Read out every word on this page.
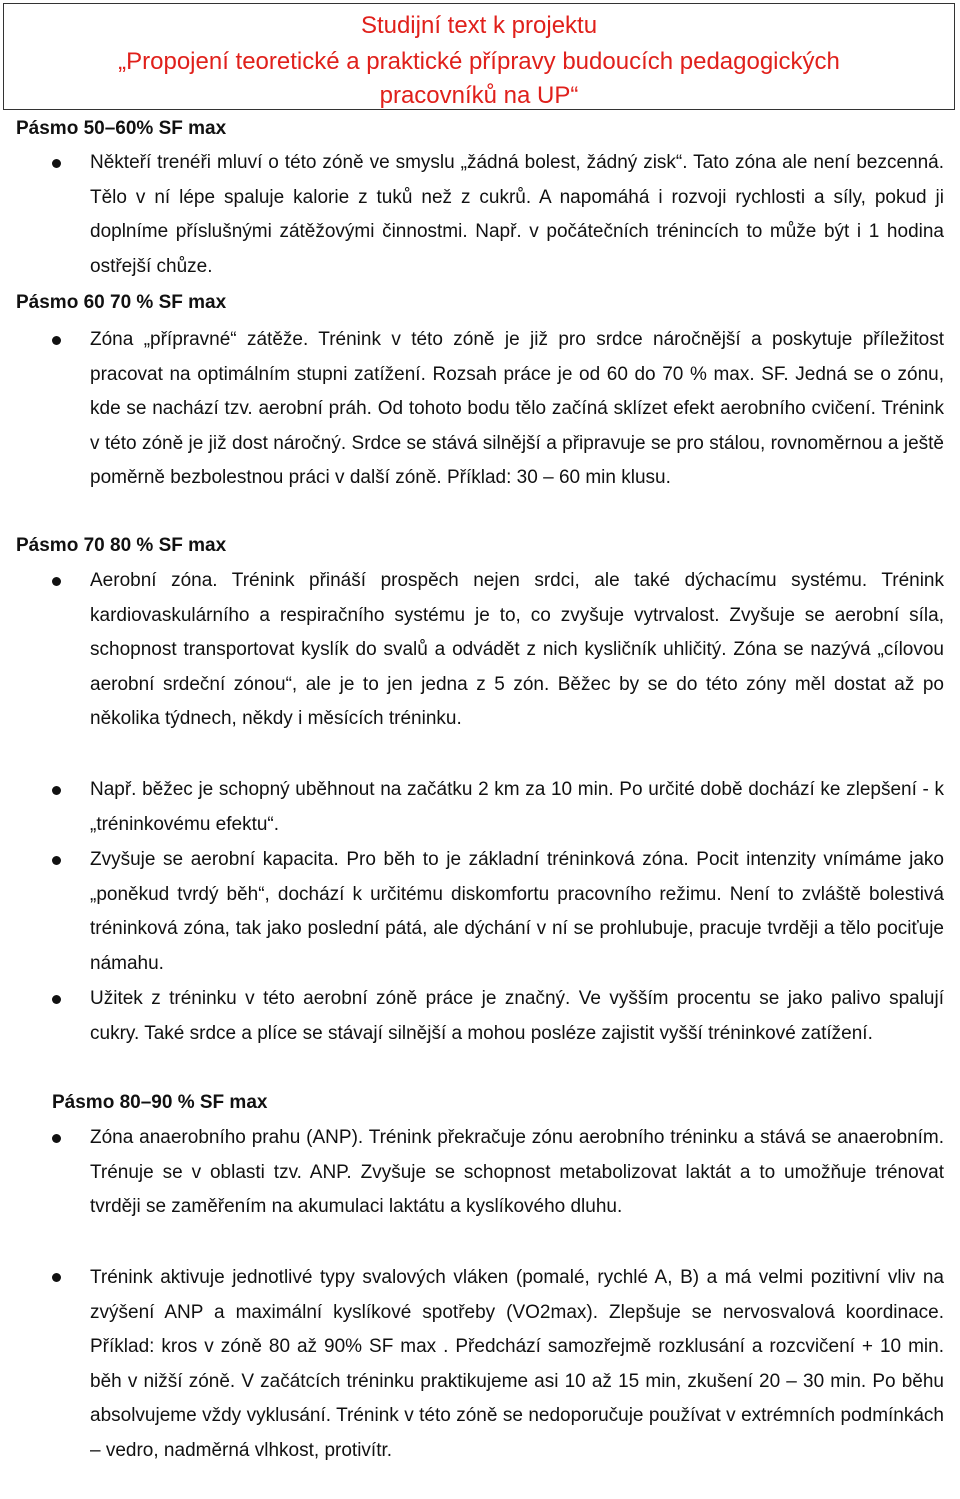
Studijní text k projektu
„Propojení teoretické a praktické přípravy budoucích pedagogických
pracovníků na UP“
Pásmo 50–60% SF max
Někteří trenéři mluví o této zóně ve smyslu „žádná bolest, žádný zisk“. Tato zóna ale není bezcenná. Tělo v ní lépe spaluje kalorie z tuků než z cukrů. A napomáhá i rozvoji rychlosti a síly, pokud ji doplníme příslušnými zátěžovými činnostmi. Např. v počátečních trénincích to může být i 1 hodina ostřejší chůze.
Pásmo 60 70 % SF max
Zóna „přípravné“ zátěže. Trénink v této zóně je již pro srdce náročnější a poskytuje příležitost pracovat na optimálním stupni zatížení. Rozsah práce je od 60 do 70 % max. SF. Jedná se o zónu, kde se nachází tzv. aerobní práh. Od tohoto bodu tělo začíná sklízet efekt aerobního cvičení. Trénink v této zóně je již dost náročný. Srdce se stává silnější a připravuje se pro stálou, rovnoměrnou a ještě poměrně bezbolestnou práci v další zóně. Příklad: 30 – 60 min klusu.
Pásmo 70 80 % SF max
Aerobní zóna. Trénink přináší prospěch nejen srdci, ale také dýchacímu systému. Trénink kardiovaskulárního a respiračního systému je to, co zvyšuje vytrvalost. Zvyšuje se aerobní síla, schopnost transportovat kyslík do svalů a odvádět z nich kysličník uhličitý. Zóna se nazývá „cílovou aerobní srdeční zónou“, ale je to jen jedna z 5 zón. Běžec by se do této zóny měl dostat až po několika týdnech, někdy i měsících tréninku.
Např. běžec je schopný uběhnout na začátku 2 km za 10 min. Po určité době dochází ke zlepšení - k „tréninkovému efektu“.
Zvyšuje se aerobní kapacita. Pro běh to je základní tréninková zóna. Pocit intenzity vnímáme jako „poněkud tvrdý běh“, dochází k určitému diskomfortu pracovního režimu. Není to zvláště bolestivá tréninková zóna, tak jako poslední pátá, ale dýchání v ní se prohlubuje, pracuje tvrději a tělo pociťuje námahu.
Užitek z tréninku v této aerobní zóně práce je značný. Ve vyšším procentu se jako palivo spalují cukry. Také srdce a plíce se stávají silnější a mohou posléze zajistit vyšší tréninkové zatížení.
Pásmo 80–90 % SF max
Zóna anaerobního prahu (ANP). Trénink překračuje zónu aerobního tréninku a stává se anaerobním. Trénuje se v oblasti tzv. ANP. Zvyšuje se schopnost metabolizovat laktát a to umožňuje trénovat tvrději se zaměřením na akumulaci laktátu a kyslíkového dluhu.
Trénink aktivuje jednotlivé typy svalových vláken (pomalé, rychlé A, B) a má velmi pozitivní vliv na zvýšení ANP a maximální kyslíkové spotřeby (VO2max). Zlepšuje se nervosvalová koordinace. Příklad: kros v zóně 80 až 90% SF max . Předchází samozřejmě rozklusání a rozcvičení + 10 min. běh v nižší zóně. V začátcích tréninku praktikujeme asi 10 až 15 min, zkušení 20 – 30 min. Po běhu absolvujeme vždy vyklusání. Trénink v této zóně se nedoporučuje používat v extrémních podmínkách – vedro, nadměrná vlhkost, protivítr.
